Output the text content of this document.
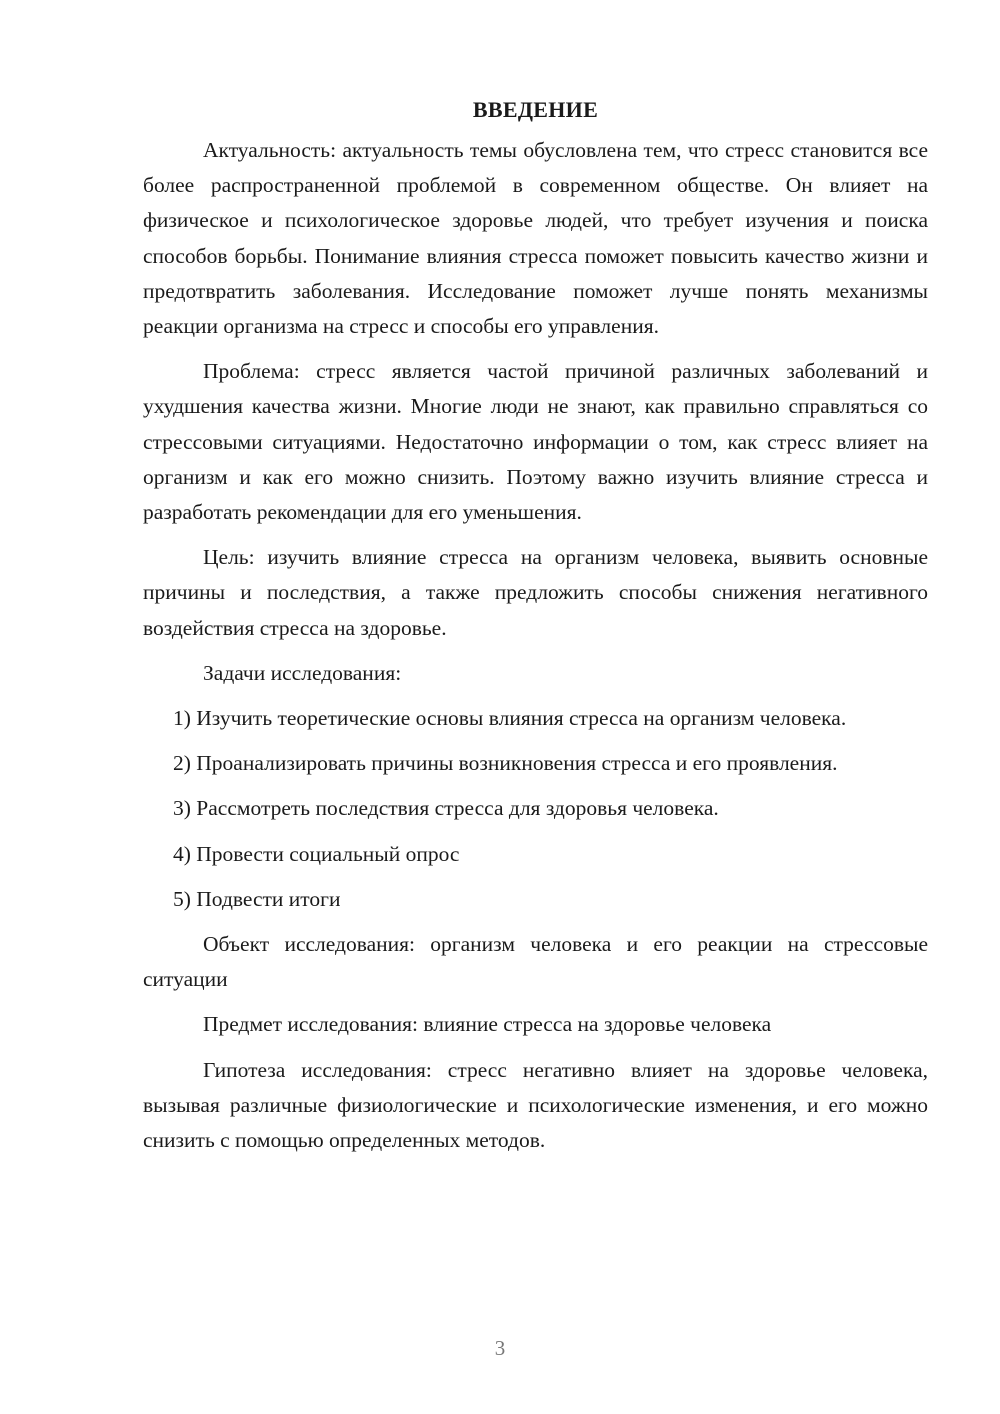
ВВЕДЕНИЕ

Актуальность: актуальность темы обусловлена тем, что стресс становится все более распространенной проблемой в современном обществе. Он влияет на физическое и психологическое здоровье людей, что требует изучения и поиска способов борьбы. Понимание влияния стресса поможет повысить качество жизни и предотвратить заболевания. Исследование поможет лучше понять механизмы реакции организма на стресс и способы его управления.

Проблема: стресс является частой причиной различных заболеваний и ухудшения качества жизни. Многие люди не знают, как правильно справляться со стрессовыми ситуациями. Недостаточно информации о том, как стресс влияет на организм и как его можно снизить. Поэтому важно изучить влияние стресса и разработать рекомендации для его уменьшения.

Цель: изучить влияние стресса на организм человека, выявить основные причины и последствия, а также предложить способы снижения негативного воздействия стресса на здоровье.

Задачи исследования:

1) Изучить теоретические основы влияния стресса на организм человека.

2) Проанализировать причины возникновения стресса и его проявления.

3) Рассмотреть последствия стресса для здоровья человека.

4) Провести социальный опрос

5) Подвести итоги

Объект исследования: организм человека и его реакции на стрессовые ситуации

Предмет исследования: влияние стресса на здоровье человека

Гипотеза исследования: стресс негативно влияет на здоровье человека, вызывая различные физиологические и психологические изменения, и его можно снизить с помощью определенных методов.

3
